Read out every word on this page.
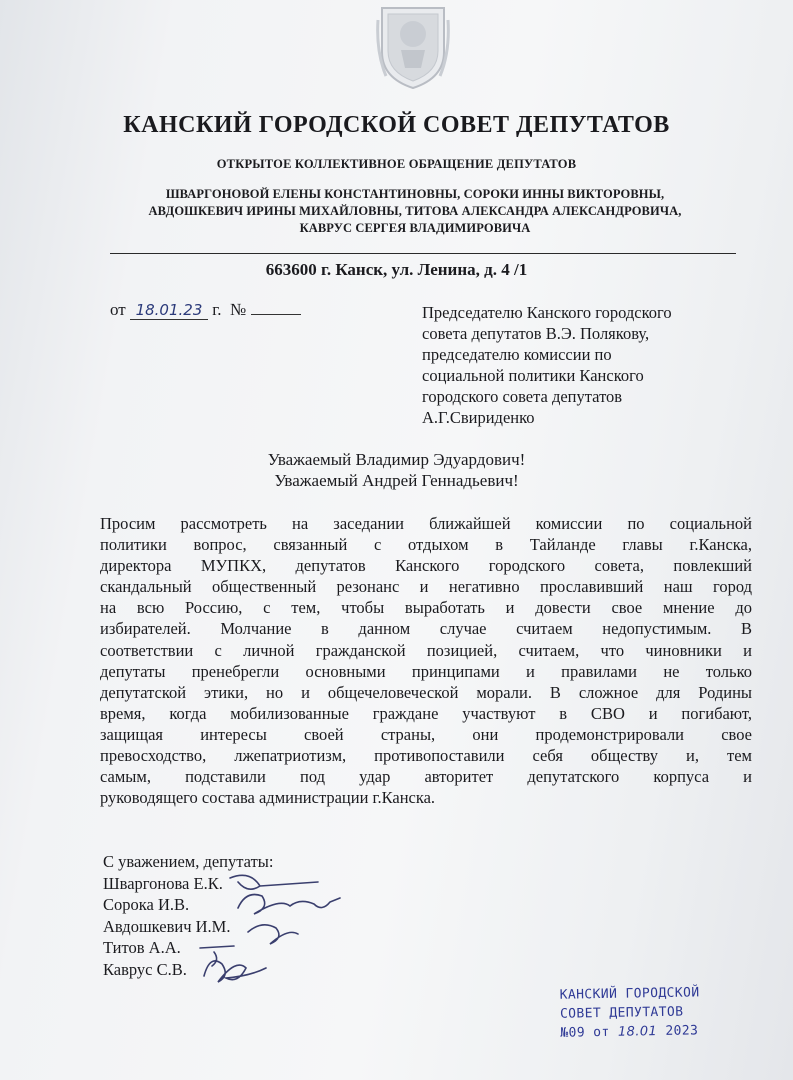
КАНСКИЙ ГОРОДСКОЙ СОВЕТ ДЕПУТАТОВ
ОТКРЫТОЕ КОЛЛЕКТИВНОЕ ОБРАЩЕНИЕ ДЕПУТАТОВ
ШВАРГОНОВОЙ ЕЛЕНЫ КОНСТАНТИНОВНЫ, СОРОКИ ИННЫ ВИКТОРОВНЫ,
АВДОШКЕВИЧ ИРИНЫ МИХАЙЛОВНЫ, ТИТОВА АЛЕКСАНДРА АЛЕКСАНДРОВИЧА,
КАВРУС СЕРГЕЯ ВЛАДИМИРОВИЧА
663600 г. Канск, ул. Ленина, д. 4 /1
от 18.01.23 г. №	Председателю Канского городского
совета депутатов В.Э. Полякову,
председателю комиссии по
социальной политики Канского
городского совета депутатов
А.Г.Свириденко
Уважаемый Владимир Эдуардович!
Уважаемый Андрей Геннадьевич!
Просим рассмотреть на заседании ближайшей комиссии по социальной
политики вопрос, связанный с отдыхом в Тайланде главы г.Канска,
директора МУПКХ, депутатов Канского городского совета, повлекший
скандальный общественный резонанс и негативно прославивший наш город
на всю Россию, с тем, чтобы выработать и довести свое мнение до
избирателей. Молчание в данном случае считаем недопустимым. В
соответствии с личной гражданской позицией, считаем, что чиновники и
депутаты пренебрегли основными принципами и правилами не только
депутатской этики, но и общечеловеческой морали. В сложное для Родины
время, когда мобилизованные граждане участвуют в СВО и погибают,
защищая интересы своей страны, они продемонстрировали свое
превосходство, лжепатриотизм, противопоставили себя обществу и, тем
самым, подставили под удар авторитет депутатского корпуса и
руководящего состава администрации г.Канска.
С уважением, депутаты:
Шваргонова Е.К.
Сорока И.В.
Авдошкевич И.М.
Титов А.А.
Каврус С.В.
КАНСКИЙ ГОРОДСКОЙ
СОВЕТ ДЕПУТАТОВ
№09 от 18.01 2023
